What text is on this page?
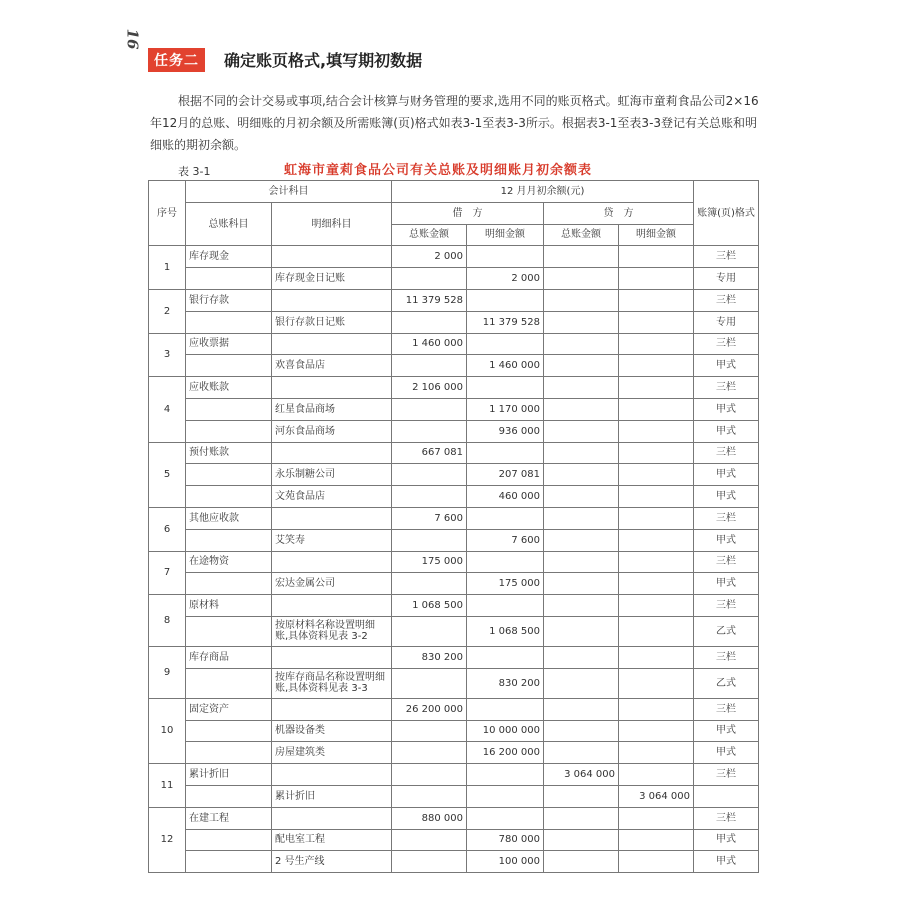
16
任务二	确定账页格式,填写期初数据

根据不同的会计交易或事项,结合会计核算与财务管理的要求,选用不同的账页格式。虹海市童莉食品公司2×16年12月的总账、明细账的月初余额及所需账簿(页)格式如表3-1至表3-3所示。根据表3-1至表3-3登记有关总账和明细账的期初余额。

表 3-1	虹海市童莉食品公司有关总账及明细账月初余额表
序号	会计科目		12 月月初余额(元)				账簿(页)格式
	总账科目	明细科目	借　方		贷　方		
			总账金额	明细金额	总账金额	明细金额	
1	库存现金		2 000				三栏
		库存现金日记账		2 000			专用
2	银行存款		11 379 528				三栏
		银行存款日记账		11 379 528			专用
3	应收票据		1 460 000				三栏
		欢喜食品店		1 460 000			甲式
4	应收账款		2 106 000				三栏
		红星食品商场		1 170 000			甲式
		河东食品商场		936 000			甲式
5	预付账款		667 081				三栏
		永乐制糖公司		207 081			甲式
		文苑食品店		460 000			甲式
6	其他应收款		7 600				三栏
		艾笑寿		7 600			甲式
7	在途物资		175 000				三栏
		宏达金属公司		175 000			甲式
8	原材料		1 068 500				三栏
		按原材料名称设置明细账,具体资料见表 3-2		1 068 500			乙式
9	库存商品		830 200				三栏
		按库存商品名称设置明细账,具体资料见表 3-3		830 200			乙式
10	固定资产		26 200 000				三栏
		机器设备类		10 000 000			甲式
		房屋建筑类		16 200 000			甲式
11	累计折旧				3 064 000		三栏
		累计折旧				3 064 000	
12	在建工程		880 000				三栏
		配电室工程		780 000			甲式
		2 号生产线		100 000			甲式
